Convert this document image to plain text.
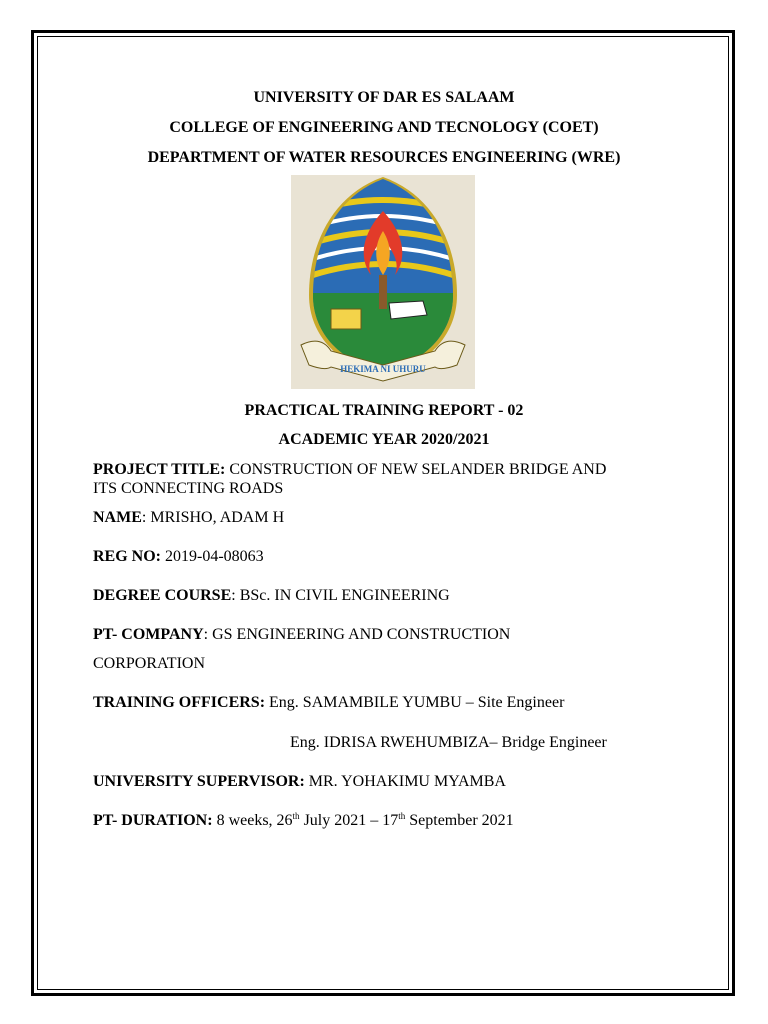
UNIVERSITY OF DAR ES SALAAM
COLLEGE OF ENGINEERING AND TECNOLOGY (COET)
DEPARTMENT OF WATER RESOURCES ENGINEERING (WRE)
HEKIMA NI UHURU
PRACTICAL TRAINING REPORT - 02
ACADEMIC YEAR 2020/2021
PROJECT TITLE: CONSTRUCTION OF NEW SELANDER BRIDGE AND
ITS CONNECTING ROADS
NAME: MRISHO, ADAM H
REG NO: 2019-04-08063
DEGREE COURSE: BSc. IN CIVIL ENGINEERING
PT- COMPANY: GS ENGINEERING AND CONSTRUCTION
CORPORATION
TRAINING OFFICERS: Eng. SAMAMBILE YUMBU – Site Engineer
Eng. IDRISA RWEHUMBIZA– Bridge Engineer
UNIVERSITY SUPERVISOR: MR. YOHAKIMU MYAMBA
PT- DURATION: 8 weeks, 26th July 2021 – 17th September 2021
